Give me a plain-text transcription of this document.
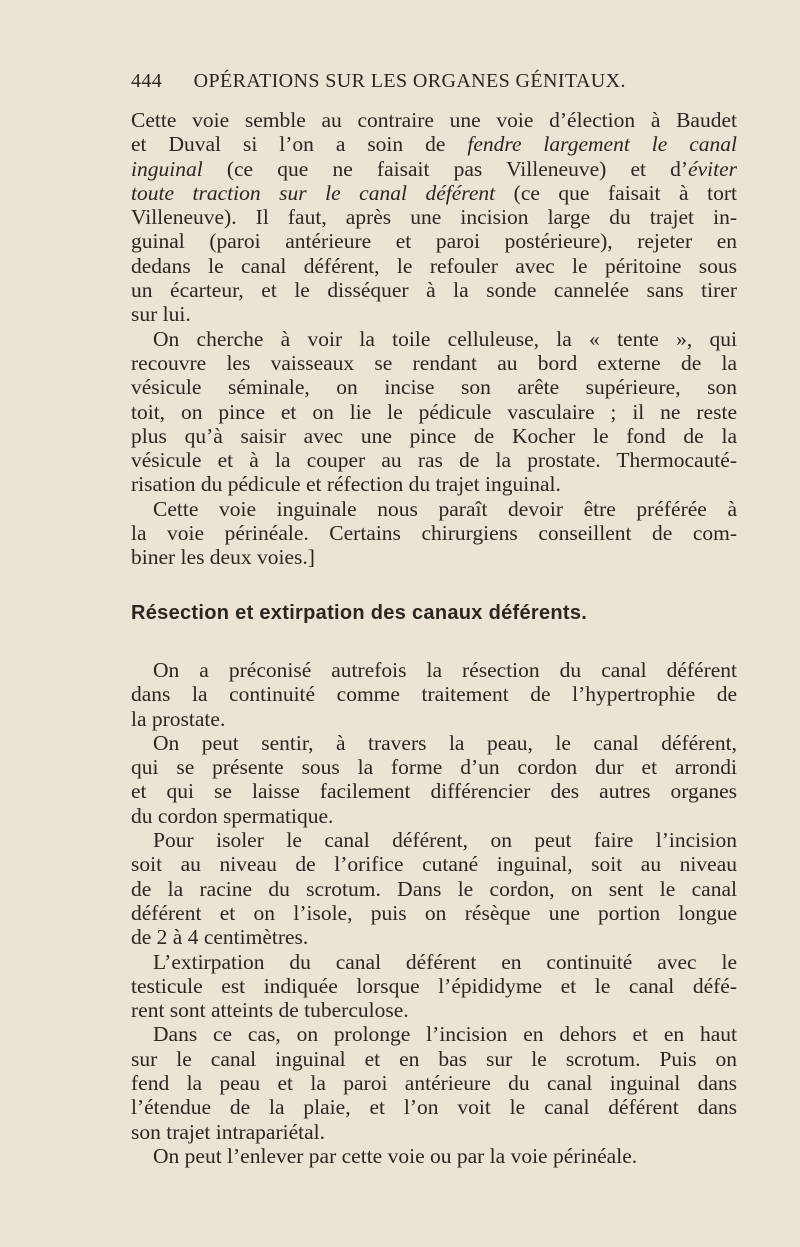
444 OPÉRATIONS SUR LES ORGANES GÉNITAUX.
Cette voie semble au contraire une voie d’élection à Baudet
et Duval si l’on a soin de fendre largement le canal
inguinal (ce que ne faisait pas Villeneuve) et d’éviter
toute traction sur le canal déférent (ce que faisait à tort
Villeneuve). Il faut, après une incision large du trajet in-
guinal (paroi antérieure et paroi postérieure), rejeter en
dedans le canal déférent, le refouler avec le péritoine sous
un écarteur, et le disséquer à la sonde cannelée sans tirer
sur lui.
On cherche à voir la toile celluleuse, la « tente », qui
recouvre les vaisseaux se rendant au bord externe de la
vésicule séminale, on incise son arête supérieure, son
toit, on pince et on lie le pédicule vasculaire ; il ne reste
plus qu’à saisir avec une pince de Kocher le fond de la
vésicule et à la couper au ras de la prostate. Thermocauté-
risation du pédicule et réfection du trajet inguinal.
Cette voie inguinale nous paraît devoir être préférée à
la voie périnéale. Certains chirurgiens conseillent de com-
biner les deux voies.]
Résection et extirpation des canaux déférents.
On a préconisé autrefois la résection du canal déférent
dans la continuité comme traitement de l’hypertrophie de
la prostate.
On peut sentir, à travers la peau, le canal déférent,
qui se présente sous la forme d’un cordon dur et arrondi
et qui se laisse facilement différencier des autres organes
du cordon spermatique.
Pour isoler le canal déférent, on peut faire l’incision
soit au niveau de l’orifice cutané inguinal, soit au niveau
de la racine du scrotum. Dans le cordon, on sent le canal
déférent et on l’isole, puis on résèque une portion longue
de 2 à 4 centimètres.
L’extirpation du canal déférent en continuité avec le
testicule est indiquée lorsque l’épididyme et le canal défé-
rent sont atteints de tuberculose.
Dans ce cas, on prolonge l’incision en dehors et en haut
sur le canal inguinal et en bas sur le scrotum. Puis on
fend la peau et la paroi antérieure du canal inguinal dans
l’étendue de la plaie, et l’on voit le canal déférent dans
son trajet intrapariétal.
On peut l’enlever par cette voie ou par la voie périnéale.
